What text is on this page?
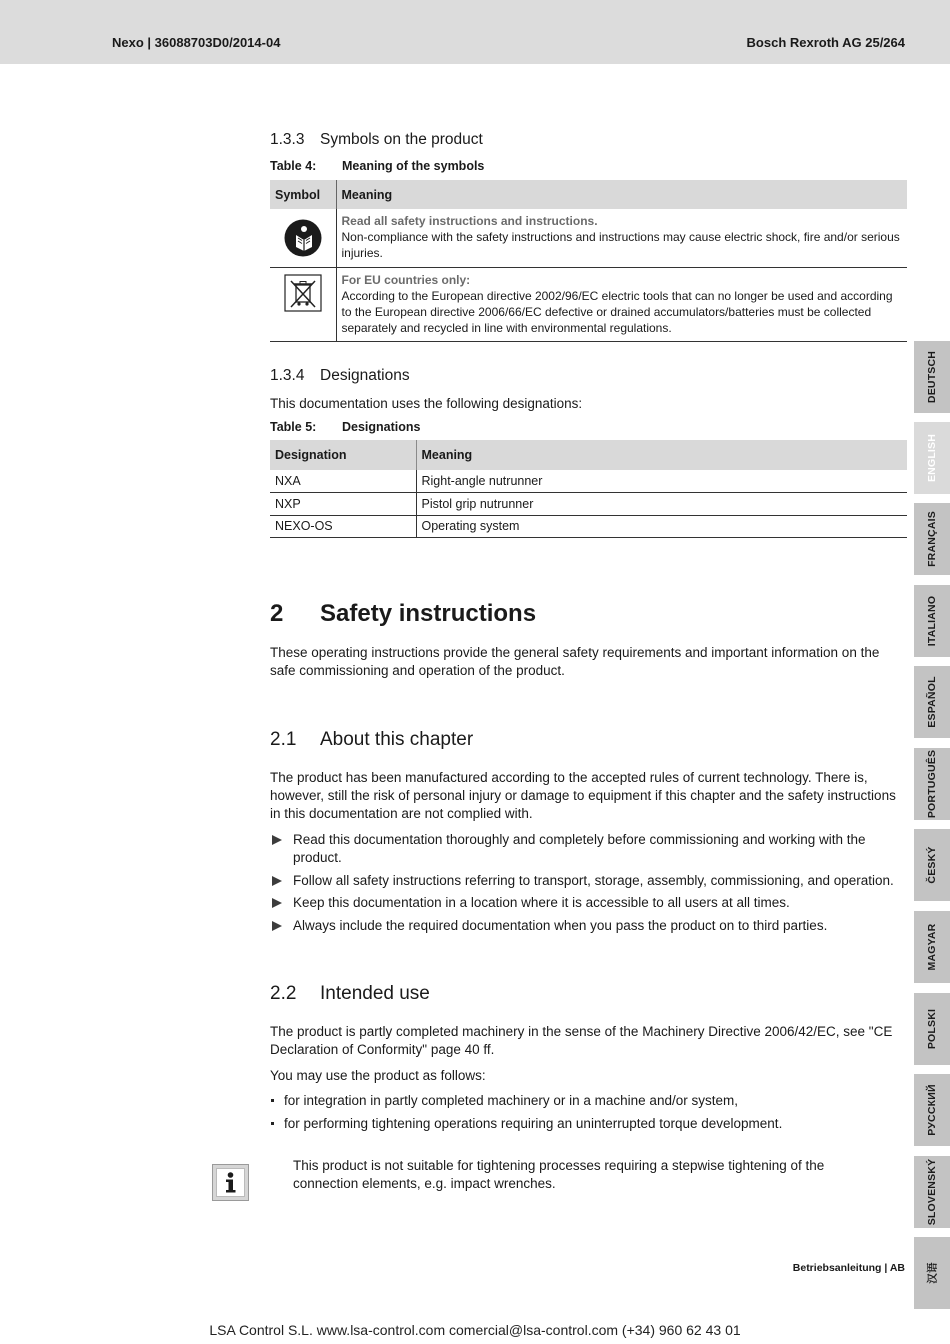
Nexo | 36088703D0/2014-04	Bosch Rexroth AG 25/264
1.3.3 Symbols on the product
Table 4: Meaning of the symbols
Symbol	Meaning

Read all safety instructions and instructions.
Non-compliance with the safety instructions and instructions may cause electric shock, fire and/or serious injuries.

For EU countries only:
According to the European directive 2002/96/EC electric tools that can no longer be used and according to the European directive 2006/66/EC defective or drained accumulators/batteries must be collected separately and recycled in line with environmental regulations.
1.3.4 Designations
This documentation uses the following designations:
Table 5: Designations
Designation	Meaning
NXA	Right-angle nutrunner
NXP	Pistol grip nutrunner
NEXO-OS	Operating system
2 Safety instructions
These operating instructions provide the general safety requirements and important information on the safe commissioning and operation of the product.
2.1 About this chapter
The product has been manufactured according to the accepted rules of current technology. There is, however, still the risk of personal injury or damage to equipment if this chapter and the safety instructions in this documentation are not complied with.
Read this documentation thoroughly and completely before commissioning and working with the product.
Follow all safety instructions referring to transport, storage, assembly, commissioning, and operation.
Keep this documentation in a location where it is accessible to all users at all times.
Always include the required documentation when you pass the product on to third parties.
2.2 Intended use
The product is partly completed machinery in the sense of the Machinery Directive 2006/42/EC, see "CE Declaration of Conformity" page 40 ff.
You may use the product as follows:
for integration in partly completed machinery or in a machine and/or system,
for performing tightening operations requiring an uninterrupted torque development.
This product is not suitable for tightening processes requiring a stepwise tightening of the connection elements, e.g. impact wrenches.
DEUTSCH
ENGLISH
FRANÇAIS
ITALIANO
ESPAÑOL
PORTUGUÊS
ČESKÝ
MAGYAR
POLSKI
РУССКИЙ
SLOVENSKÝ
汉语
Betriebsanleitung | AB
LSA Control S.L. www.lsa-control.com comercial@lsa-control.com (+34) 960 62 43 01
